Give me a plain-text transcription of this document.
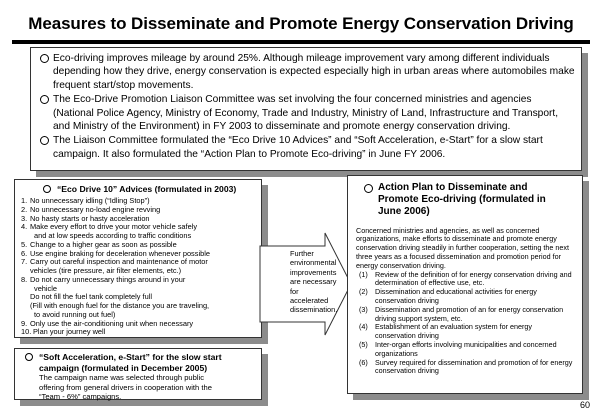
Measures to Disseminate and Promote Energy Conservation Driving
Eco-driving improves mileage by around 25%. Although mileage improvement vary among different individuals depending how they drive, energy conservation is expected especially high in urban areas where automobiles make frequent start/stop movements.
The Eco-Drive Promotion Liaison Committee was set involving the four concerned ministries and agencies (National Police Agency, Ministry of Economy, Trade and Industry, Ministry of Land, Infrastructure and Transport, and Ministry of the Environment) in FY 2003 to disseminate and promote energy conservation driving.
The Liaison Committee formulated the “Eco Drive 10 Advices” and “Soft Acceleration, e-Start” for a slow start campaign. It also formulated the “Action Plan to Promote Eco-driving” in June FY 2006.
“Eco Drive 10” Advices (formulated in 2003)
1. No unnecessary idling (“Idling Stop”)
2. No unnecessary no-load engine revving
3. No hasty starts or hasty acceleration
4. Make every effort to drive your motor vehicle safely
and at low speeds according to traffic conditions
5. Change to a higher gear as soon as possible
6. Use engine braking for deceleration whenever possible
7. Carry out careful inspection and maintenance of motor
vehicles (tire pressure, air filter elements, etc.)
8. Do not carry unnecessary things around in your
vehicle
Do not fill the fuel tank completely full
(Fill with enough fuel for the distance you are traveling,
to avoid running out fuel)
9. Only use the air-conditioning unit when necessary
10. Plan your journey well
“Soft Acceleration, e-Start” for the slow start
campaign (formulated in December 2005)
The campaign name was selected through public
offering from general drivers in cooperation with the
“Team - 6%” campaigns.
Further
environmental
improvements
are necessary
for
accelerated
dissemination.
Action Plan to Disseminate and
Promote Eco-driving (formulated in
June 2006)
Concerned ministries and agencies, as well as concerned organizations, make efforts to disseminate and promote energy conservation driving steadily in further cooperation, setting the next three years as a focused dissemination and promotion period for energy conservation driving.
(1) Review of the definition of for energy conservation driving and determination of effective use, etc.
(2) Dissemination and educational activities for energy conservation driving
(3) Dissemination and promotion of an for energy conservation driving support system, etc.
(4) Establishment of an evaluation system for energy conservation driving
(5) Inter-organ efforts involving municipalities and concerned organizations
(6) Survey required for dissemination and promotion of for energy conservation driving
60
